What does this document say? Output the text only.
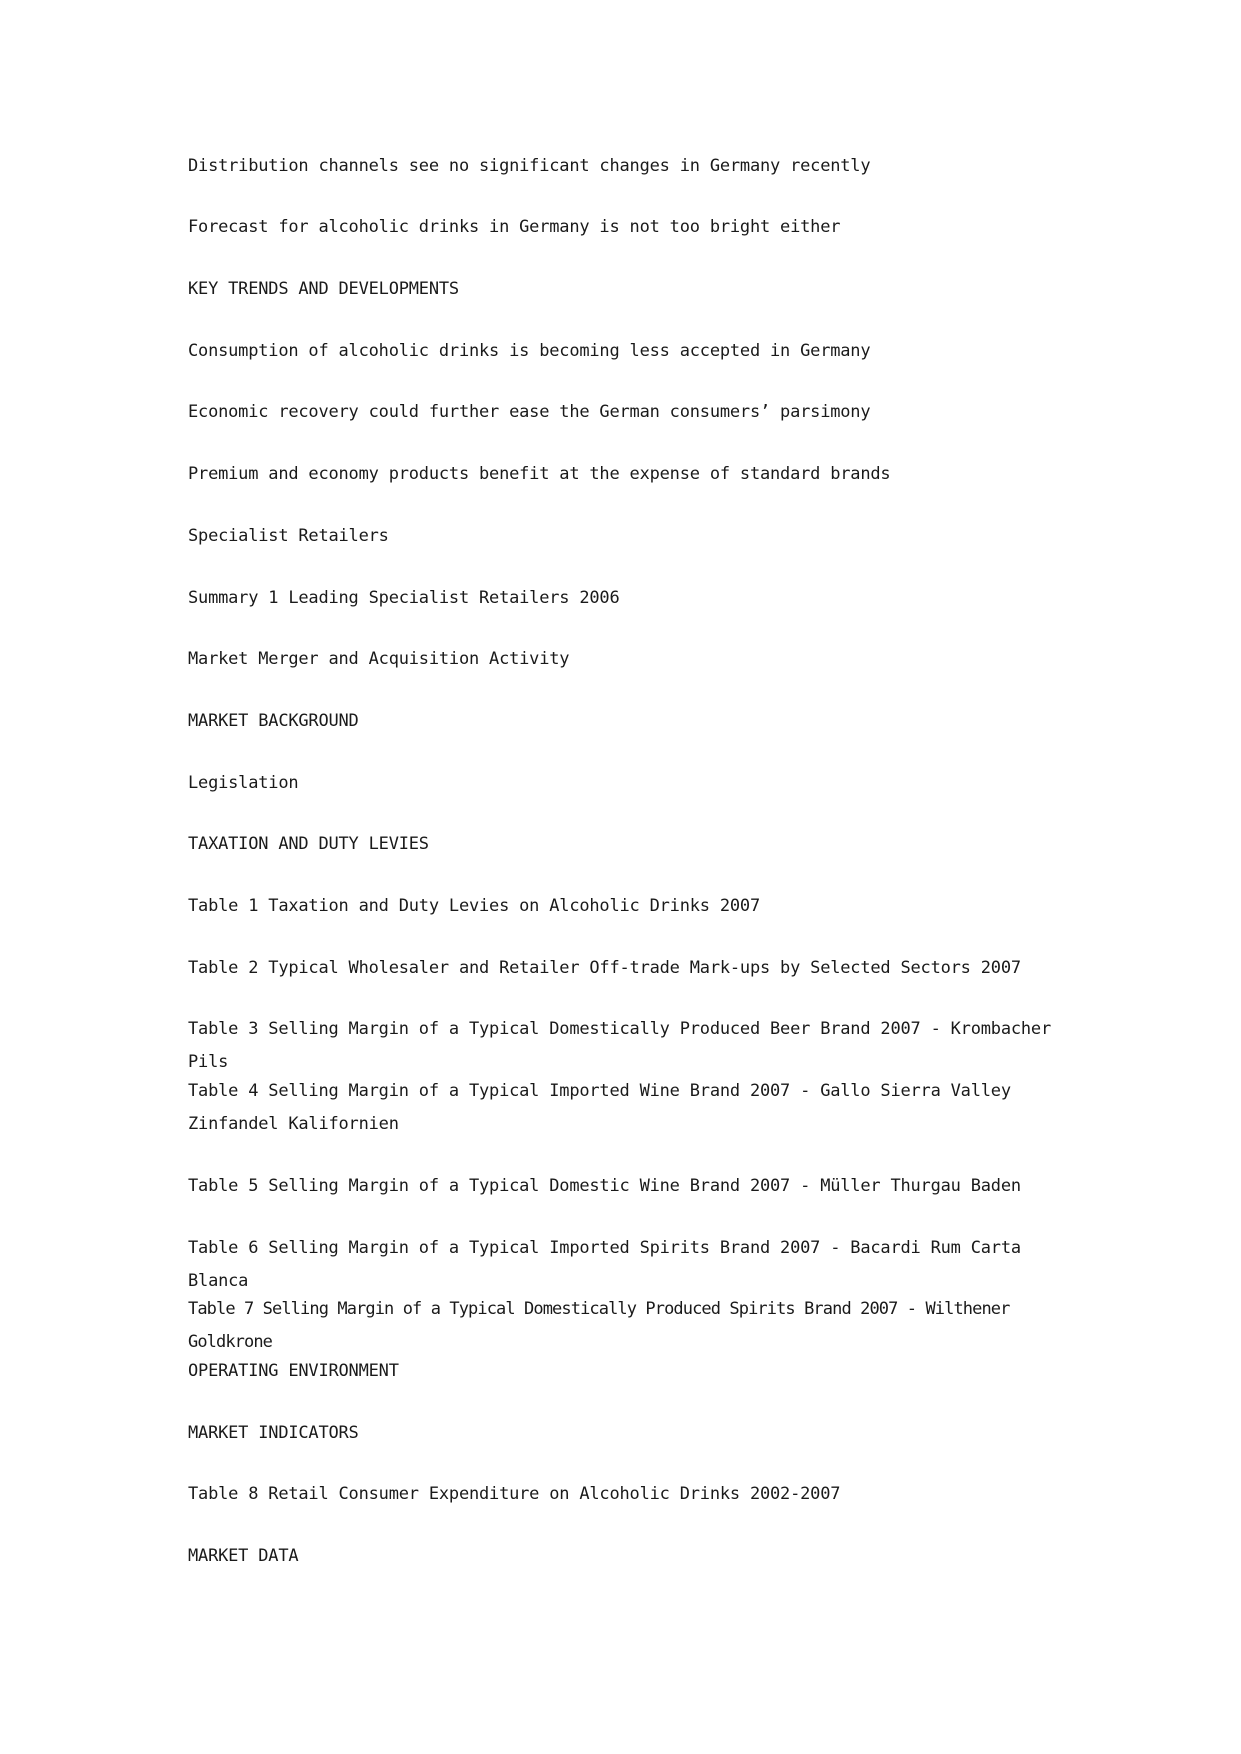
Distribution channels see no significant changes in Germany recently

Forecast for alcoholic drinks in Germany is not too bright either

KEY TRENDS AND DEVELOPMENTS

Consumption of alcoholic drinks is becoming less accepted in Germany

Economic recovery could further ease the German consumers’ parsimony

Premium and economy products benefit at the expense of standard brands

Specialist Retailers

Summary 1 Leading Specialist Retailers 2006

Market Merger and Acquisition Activity

MARKET BACKGROUND

Legislation

TAXATION AND DUTY LEVIES

Table 1 Taxation and Duty Levies on Alcoholic Drinks 2007

Table 2 Typical Wholesaler and Retailer Off-trade Mark-ups by Selected Sectors 2007

Table 3 Selling Margin of a Typical Domestically Produced Beer Brand 2007 - Krombacher Pils

Table 4 Selling Margin of a Typical Imported Wine Brand 2007 - Gallo Sierra Valley Zinfandel Kalifornien

Table 5 Selling Margin of a Typical Domestic Wine Brand 2007 - Müller Thurgau Baden

Table 6 Selling Margin of a Typical Imported Spirits Brand 2007 - Bacardi Rum Carta Blanca

Table 7 Selling Margin of a Typical Domestically Produced Spirits Brand 2007 - Wilthener Goldkrone

OPERATING ENVIRONMENT

MARKET INDICATORS

Table 8 Retail Consumer Expenditure on Alcoholic Drinks 2002-2007

MARKET DATA
